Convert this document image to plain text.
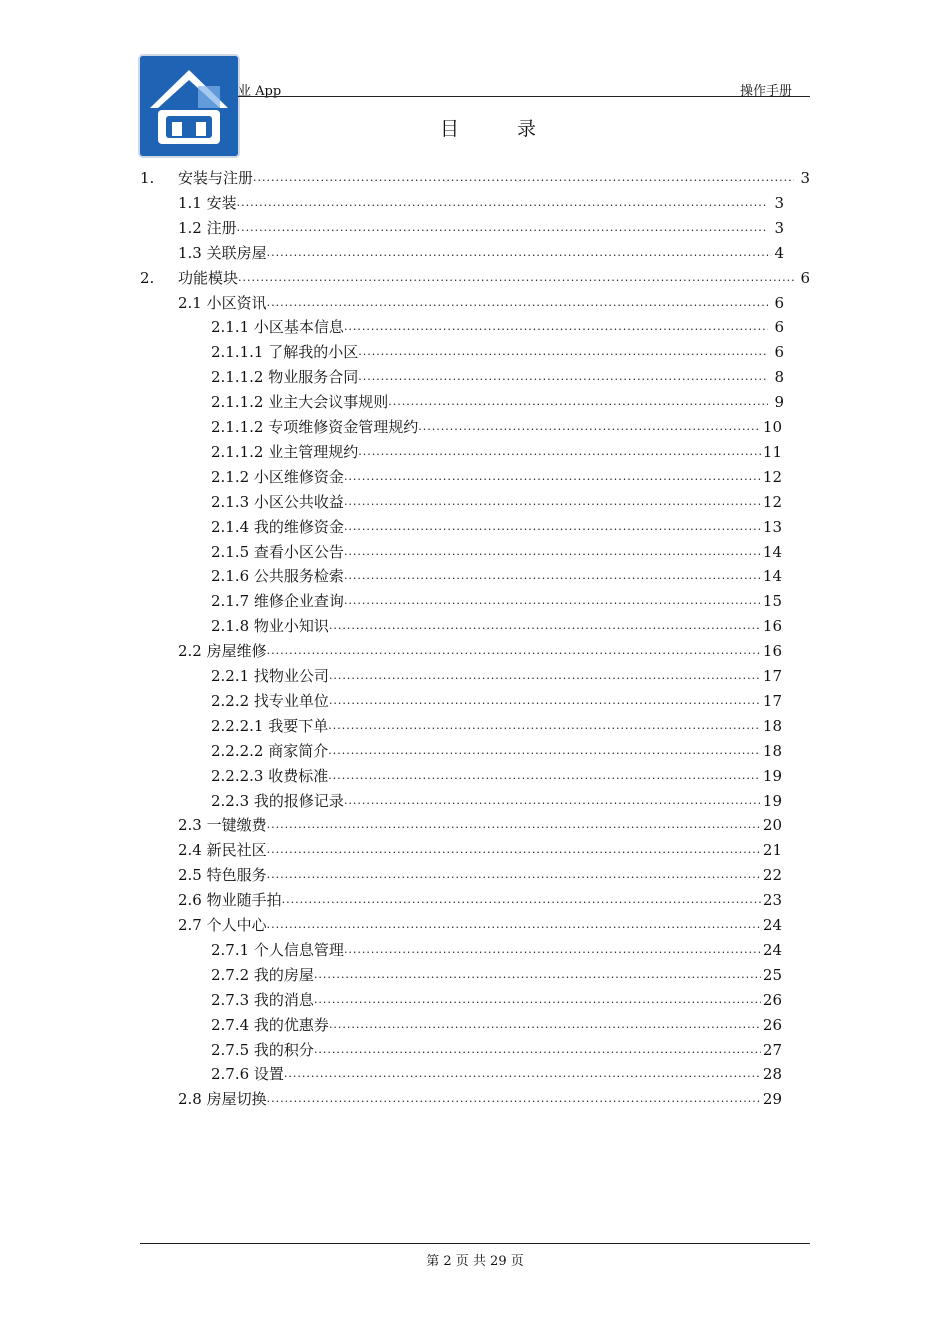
业 App	操作手册
目 录
1.	安装与注册 .....	3
1.1 安装 .....	3
1.2 注册 .....	3
1.3 关联房屋 .....	4
2.	功能模块 .....	6
2.1 小区资讯 .....	6
2.1.1 小区基本信息 .....	6
2.1.1.1 了解我的小区 .....	6
2.1.1.2 物业服务合同 .....	8
2.1.1.2 业主大会议事规则 .....	9
2.1.1.2 专项维修资金管理规约 .....	10
2.1.1.2 业主管理规约 .....	11
2.1.2 小区维修资金 .....	12
2.1.3 小区公共收益 .....	12
2.1.4 我的维修资金 .....	13
2.1.5 查看小区公告 .....	14
2.1.6 公共服务检索 .....	14
2.1.7 维修企业查询 .....	15
2.1.8 物业小知识 .....	16
2.2 房屋维修 .....	16
2.2.1 找物业公司 .....	17
2.2.2 找专业单位 .....	17
2.2.2.1 我要下单 .....	18
2.2.2.2 商家简介 .....	18
2.2.2.3 收费标准 .....	19
2.2.3 我的报修记录 .....	19
2.3 一键缴费 .....	20
2.4 新民社区 .....	21
2.5 特色服务 .....	22
2.6 物业随手拍 .....	23
2.7 个人中心 .....	24
2.7.1 个人信息管理 .....	24
2.7.2 我的房屋 .....	25
2.7.3 我的消息 .....	26
2.7.4 我的优惠券 .....	26
2.7.5 我的积分 .....	27
2.7.6 设置 .....	28
2.8 房屋切换 .....	29
第 2 页 共 29 页
